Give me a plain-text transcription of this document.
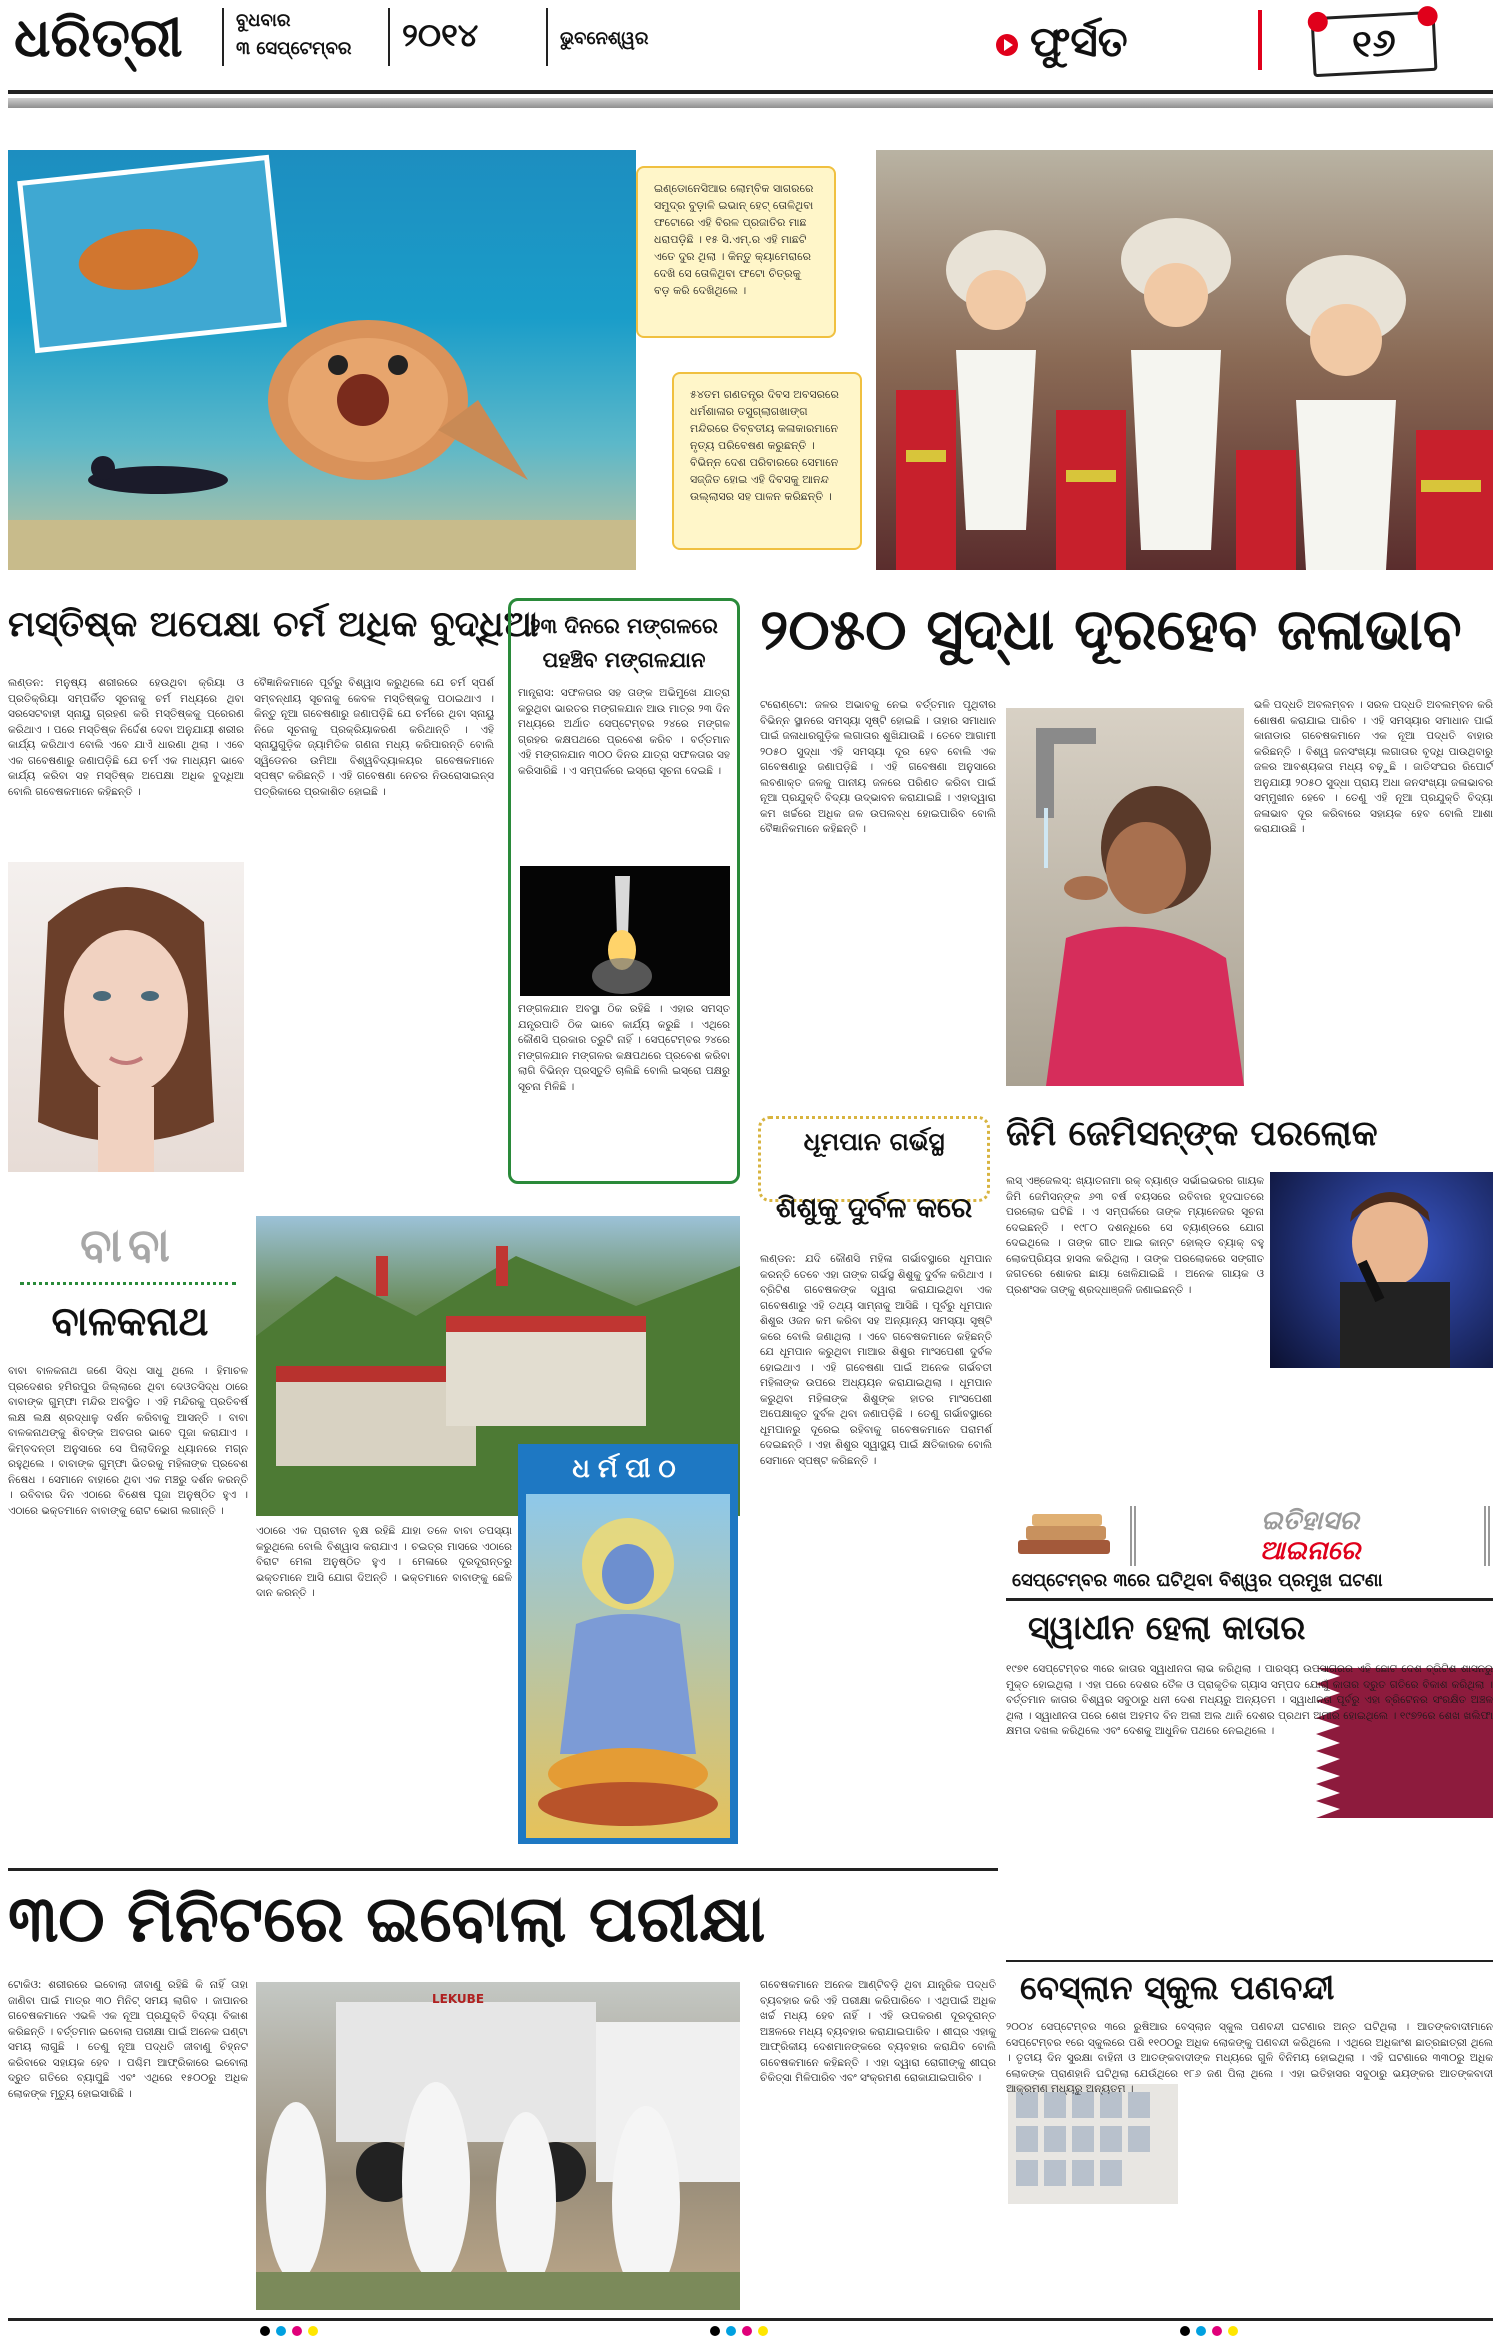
ଧରିତ୍ରୀ	ବୁଧବାର
୩ ସେପ୍ଟେମ୍ବର ୨୦୧୪	ଭୁବନେଶ୍ୱର	ଫୁର୍ସତ	୧୬
ଇଣ୍ଡୋନେସିଆର ଲୋମ୍ବିକ ସାଗରରେ ସମୁଦ୍ର ବୁଡ଼ାଳି ଇଭାନ୍ ହେଟ୍ ତୋଳିଥିବା ଫଟୋରେ ଏହି ବିରଳ ପ୍ରଜାତିର ମାଛ ଧରାପଡ଼ିଛି । ୧୫ ସି.ଏମ୍.ର ଏହି ମାଛଟି ଏତେ ଦୁର ଥିଲା । କିନ୍ତୁ କ୍ୟାମେରାରେ ଦେଖି ସେ ତୋଳିଥିବା ଫଟୋ ଚିତ୍ରକୁ ବଡ଼ କରି ଦେଖିଥିଲେ ।
୫୪ତମ ଗଣତନ୍ତ୍ର ଦିବସ ଅବସରରେ ଧର୍ମଶାଳାର ତସୁଗ୍ଲାଗଖାଙ୍ଗ ମନ୍ଦିରରେ ତିବ୍ବତୀୟ କଳାକାରମାନେ ନୃତ୍ୟ ପରିବେଷଣ କରୁଛନ୍ତି । ବିଭିନ୍ନ ଦେଶ ପରିବାରରେ ସେମାନେ ସଜ୍ଜିତ ହୋଇ ଏହି ଦିବସକୁ ଆନନ୍ଦ ଉଲ୍ଲାସର ସହ ପାଳନ କରିଛନ୍ତି ।
ମସ୍ତିଷ୍କ ଅପେକ୍ଷା ଚର୍ମ ଅଧିକ ବୁଦ୍ଧିଆ
ଲଣ୍ଡନ: ମନୁଷ୍ୟ ଶରୀରରେ ହେଉଥିବା କ୍ରିୟା ଓ ପ୍ରତିକ୍ରିୟା ସମ୍ପର୍କିତ ସୂଚନାକୁ ଚର୍ମ ମଧ୍ୟରେ ଥିବା ସରସେଟବାହୀ ସ୍ନାୟୁ ଗ୍ରହଣ କରି ମସ୍ତିଷ୍କକୁ ପ୍ରେରଣ କରିଥାଏ । ପରେ ମସ୍ତିଷ୍କ ନିର୍ଦ୍ଦେଶ ଦେବା ଅନୁଯାୟୀ ଶରୀର କାର୍ଯ୍ୟ କରିଥାଏ ବୋଲି ଏବେ ଯାଏଁ ଧାରଣା ଥିଲା । ଏବେ ଏକ ଗବେଷଣାରୁ ଜଣାପଡ଼ିଛି ଯେ ଚର୍ମ ଏକ ମାଧ୍ୟମ ଭାବେ କାର୍ଯ୍ୟ କରିବା ସହ ମସ୍ତିଷ୍କ ଅପେକ୍ଷା ଅଧିକ ବୁଦ୍ଧିଆ ବୋଲି ଗବେଷକମାନେ କହିଛନ୍ତି ।
ବୈଜ୍ଞାନିକମାନେ ପୂର୍ବରୁ ବିଶ୍ୱାସ କରୁଥିଲେ ଯେ ଚର୍ମ ସ୍ପର୍ଶ ସମ୍ବନ୍ଧୀୟ ସୂଚନାକୁ କେବଳ ମସ୍ତିଷ୍କକୁ ପଠାଇଥାଏ । କିନ୍ତୁ ନୂଆ ଗବେଷଣାରୁ ଜଣାପଡ଼ିଛି ଯେ ଚର୍ମରେ ଥିବା ସ୍ନାୟୁ ନିଜେ ସୂଚନାକୁ ପ୍ରକ୍ରିୟାକରଣ କରିଥାନ୍ତି । ଏହି ସ୍ନାୟୁଗୁଡ଼ିକ ଜ୍ୟାମିତିକ ଗଣନା ମଧ୍ୟ କରିପାରନ୍ତି ବୋଲି ସ୍ୱିଡେନର ଉମିଆ ବିଶ୍ୱବିଦ୍ୟାଳୟର ଗବେଷକମାନେ ସ୍ପଷ୍ଟ କରିଛନ୍ତି । ଏହି ଗବେଷଣା ନେଚର ନିଉରୋସାଇନ୍ସ ପତ୍ରିକାରେ ପ୍ରକାଶିତ ହୋଇଛି ।
୨୩ ଦିନରେ ମଙ୍ଗଳରେ
ପହଞ୍ଚିବ ମଙ୍ଗଳଯାନ
ମାନ୍ତ୍ରାସ: ସଫଳତାର ସହ ତାଙ୍କ ଅଭିମୁଖେ ଯାତ୍ରା କରୁଥିବା ଭାରତର ମଙ୍ଗଳଯାନ ଆଉ ମାତ୍ର ୨୩ ଦିନ ମଧ୍ୟରେ ଅର୍ଥାତ ସେପ୍ଟେମ୍ବର ୨୪ରେ ମଙ୍ଗଳ ଗ୍ରହର କକ୍ଷପଥରେ ପ୍ରବେଶ କରିବ । ବର୍ତ୍ତମାନ ଏହି ମଙ୍ଗଳଯାନ ୩୦୦ ଦିନର ଯାତ୍ରା ସଫଳତାର ସହ କରିସାରିଛି । ଏ ସମ୍ପର୍କରେ ଇସ୍ରୋ ସୂଚନା ଦେଇଛି ।
ମଙ୍ଗଳଯାନ ଅବସ୍ଥା ଠିକ ରହିଛି । ଏହାର ସମସ୍ତ ଯନ୍ତ୍ରପାତି ଠିକ ଭାବେ କାର୍ଯ୍ୟ କରୁଛି । ଏଥିରେ କୌଣସି ପ୍ରକାର ତ୍ରୁଟି ନାହିଁ । ସେପ୍ଟେମ୍ବର ୨୪ରେ ମଙ୍ଗଳଯାନ ମଙ୍ଗଳର କକ୍ଷପଥରେ ପ୍ରବେଶ କରିବା ଲାଗି ବିଭିନ୍ନ ପ୍ରସ୍ତୁତି ଚାଲିଛି ବୋଲି ଇସ୍ରୋ ପକ୍ଷରୁ ସୂଚନା ମିଳିଛି ।
୨୦୫୦ ସୁଦ୍ଧା ଦୂରହେବ ଜଳାଭାବ
ଟରୋଣ୍ଟୋ: ଜଳର ଅଭାବକୁ ନେଇ ବର୍ତ୍ତମାନ ପୃଥିବୀର ବିଭିନ୍ନ ସ୍ଥାନରେ ସମସ୍ୟା ସୃଷ୍ଟି ହୋଇଛି । ତାହାର ସମାଧାନ ପାଇଁ ଜଳାଧାରଗୁଡ଼ିକ ଲଗାତାର ଶୁଖିଯାଉଛି । ତେବେ ଆଗାମୀ ୨୦୫୦ ସୁଦ୍ଧା ଏହି ସମସ୍ୟା ଦୂର ହେବ ବୋଲି ଏକ ଗବେଷଣାରୁ ଜଣାପଡ଼ିଛି । ଏହି ଗବେଷଣା ଅନୁସାରେ ଲବଣାକ୍ତ ଜଳକୁ ପାନୀୟ ଜଳରେ ପରିଣତ କରିବା ପାଇଁ ନୂଆ ପ୍ରଯୁକ୍ତି ବିଦ୍ୟା ଉଦ୍ଭାବନ କରାଯାଇଛି । ଏହାଦ୍ୱାରା କମ ଖର୍ଚ୍ଚରେ ଅଧିକ ଜଳ ଉପଲବ୍ଧ ହୋଇପାରିବ ବୋଲି ବୈଜ୍ଞାନିକମାନେ କହିଛନ୍ତି ।
ଭଳି ପଦ୍ଧତି ଅବଲମ୍ବନ । ସରଳ ପଦ୍ଧତି ଅବଲମ୍ବନ କରି ଶୋଷଣ କରାଯାଇ ପାରିବ । ଏହି ସମସ୍ୟାର ସମାଧାନ ପାଇଁ କାନାଡାର ଗବେଷକମାନେ ଏକ ନୂଆ ପଦ୍ଧତି ବାହାର କରିଛନ୍ତି । ବିଶ୍ୱ ଜନସଂଖ୍ୟା ଲଗାତାର ବୃଦ୍ଧି ପାଉଥିବାରୁ ଜଳର ଆବଶ୍ୟକତା ମଧ୍ୟ ବଢ଼ୁଛି । ଜାତିସଂଘର ରିପୋର୍ଟ ଅନୁଯାୟୀ ୨୦୫୦ ସୁଦ୍ଧା ପ୍ରାୟ ଅଧା ଜନସଂଖ୍ୟା ଜଳାଭାବର ସମ୍ମୁଖୀନ ହେବେ । ତେଣୁ ଏହି ନୂଆ ପ୍ରଯୁକ୍ତି ବିଦ୍ୟା ଜଳାଭାବ ଦୂର କରିବାରେ ସହାୟକ ହେବ ବୋଲି ଆଶା କରାଯାଉଛି ।
ଜିମି ଜେମିସନ୍ଙ୍କ ପରଲୋକ
ଲସ୍ ଏଞ୍ଜେଲସ୍: ଖ୍ୟାତନାମା ରକ୍ ବ୍ୟାଣ୍ଡ ସର୍ଭାଇଭରର ଗାୟକ ଜିମି ଜେମିସନ୍ଙ୍କ ୬୩ ବର୍ଷ ବୟସରେ ରବିବାର ହୃଦଘାତରେ ପରଲୋକ ଘଟିଛି । ଏ ସମ୍ପର୍କରେ ତାଙ୍କ ମ୍ୟାନେଜର ସୂଚନା ଦେଇଛନ୍ତି । ୧୯୮୦ ଦଶନ୍ଧିରେ ସେ ବ୍ୟାଣ୍ଡରେ ଯୋଗ ଦେଇଥିଲେ । ତାଙ୍କ ଗୀତ ଆଇ କାନ୍ଟ ହୋଲ୍ଡ ବ୍ୟାକ୍ ବହୁ ଲୋକପ୍ରିୟତା ହାସଲ କରିଥିଲା । ତାଙ୍କ ପରଲୋକରେ ସଙ୍ଗୀତ ଜଗତରେ ଶୋକର ଛାୟା ଖେଳିଯାଇଛି । ଅନେକ ଗାୟକ ଓ ପ୍ରଶଂସକ ତାଙ୍କୁ ଶ୍ରଦ୍ଧାଞ୍ଜଳି ଜଣାଇଛନ୍ତି ।
ଧୂମପାନ ଗର୍ଭସ୍ଥ
ଶିଶୁକୁ ଦୁର୍ବଳ କରେ
ଲଣ୍ଡନ: ଯଦି କୌଣସି ମହିଳା ଗର୍ଭାବସ୍ଥାରେ ଧୂମପାନ କରନ୍ତି ତେବେ ଏହା ତାଙ୍କ ଗର୍ଭସ୍ଥ ଶିଶୁକୁ ଦୁର୍ବଳ କରିଥାଏ । ବ୍ରିଟିଶ ଗବେଷକଙ୍କ ଦ୍ୱାରା କରାଯାଇଥିବା ଏକ ଗବେଷଣାରୁ ଏହି ତଥ୍ୟ ସାମ୍ନାକୁ ଆସିଛି । ପୂର୍ବରୁ ଧୂମପାନ ଶିଶୁର ଓଜନ କମ କରିବା ସହ ଅନ୍ୟାନ୍ୟ ସମସ୍ୟା ସୃଷ୍ଟି କରେ ବୋଲି ଜଣାଥିଲା । ଏବେ ଗବେଷକମାନେ କହିଛନ୍ତି ଯେ ଧୂମପାନ କରୁଥିବା ମାଆର ଶିଶୁର ମାଂସପେଶୀ ଦୁର୍ବଳ ହୋଇଥାଏ । ଏହି ଗବେଷଣା ପାଇଁ ଅନେକ ଗର୍ଭବତୀ ମହିଳାଙ୍କ ଉପରେ ଅଧ୍ୟୟନ କରାଯାଇଥିଲା । ଧୂମପାନ କରୁଥିବା ମହିଳାଙ୍କ ଶିଶୁଙ୍କ ହାତର ମାଂସପେଶୀ ଅପେକ୍ଷାକୃତ ଦୁର୍ବଳ ଥିବା ଜଣାପଡ଼ିଛି । ତେଣୁ ଗର୍ଭାବସ୍ଥାରେ ଧୂମପାନରୁ ଦୂରେଇ ରହିବାକୁ ଗବେଷକମାନେ ପରାମର୍ଶ ଦେଇଛନ୍ତି । ଏହା ଶିଶୁର ସ୍ୱାସ୍ଥ୍ୟ ପାଇଁ କ୍ଷତିକାରକ ବୋଲି ସେମାନେ ସ୍ପଷ୍ଟ କରିଛନ୍ତି ।
ବାବା
ବାଳକନାଥ
ବାବା ବାଳକନାଥ ଜଣେ ସିଦ୍ଧ ସାଧୁ ଥିଲେ । ହିମାଚଳ ପ୍ରଦେଶର ହମିରପୁର ଜିଲ୍ଲାରେ ଥିବା ଦେଓତସିଦ୍ଧ ଠାରେ ବାବାଙ୍କ ଗୁମ୍ଫା ମନ୍ଦିର ଅବସ୍ଥିତ । ଏହି ମନ୍ଦିରକୁ ପ୍ରତିବର୍ଷ ଲକ୍ଷ ଲକ୍ଷ ଶ୍ରଦ୍ଧାଳୁ ଦର୍ଶନ କରିବାକୁ ଆସନ୍ତି । ବାବା ବାଳକନାଥଙ୍କୁ ଶିବଙ୍କ ଅବତାର ଭାବେ ପୂଜା କରାଯାଏ । କିମ୍ବଦନ୍ତୀ ଅନୁସାରେ ସେ ପିଲାଦିନରୁ ଧ୍ୟାନରେ ମଗ୍ନ ରହୁଥିଲେ । ବାବାଙ୍କ ଗୁମ୍ଫା ଭିତରକୁ ମହିଳାଙ୍କ ପ୍ରବେଶ ନିଷେଧ । ସେମାନେ ବାହାରେ ଥିବା ଏକ ମଞ୍ଚରୁ ଦର୍ଶନ କରନ୍ତି । ରବିବାର ଦିନ ଏଠାରେ ବିଶେଷ ପୂଜା ଅନୁଷ୍ଠିତ ହୁଏ । ଏଠାରେ ଭକ୍ତମାନେ ବାବାଙ୍କୁ ରୋଟ ଭୋଗ ଲଗାନ୍ତି ।
ଧର୍ମପୀଠ
ଏଠାରେ ଏକ ପ୍ରାଚୀନ ବୃକ୍ଷ ରହିଛି ଯାହା ତଳେ ବାବା ତପସ୍ୟା କରୁଥିଲେ ବୋଲି ବିଶ୍ୱାସ କରାଯାଏ । ଚଇତ୍ର ମାସରେ ଏଠାରେ ବିରାଟ ମେଳା ଅନୁଷ୍ଠିତ ହୁଏ । ମେଳାରେ ଦୂରଦୂରାନ୍ତରୁ ଭକ୍ତମାନେ ଆସି ଯୋଗ ଦିଅନ୍ତି । ଭକ୍ତମାନେ ବାବାଙ୍କୁ ଛେଳି ଦାନ କରନ୍ତି ।
ଇତିହାସର
ଆଇନାରେ
ସେପ୍ଟେମ୍ବର ୩ରେ ଘଟିଥିବା ବିଶ୍ୱର ପ୍ରମୁଖ ଘଟଣା
ସ୍ୱାଧୀନ ହେଲା କାତାର
୧୯୭୧ ସେପ୍ଟେମ୍ବର ୩ରେ କାତାର ସ୍ୱାଧୀନତା ଲାଭ କରିଥିଲା । ପାରସ୍ୟ ଉପସାଗରର ଏହି ଛୋଟ ଦେଶ ବ୍ରିଟିଶ ଶାସନରୁ ମୁକ୍ତ ହୋଇଥିଲା । ଏହା ପରେ ଦେଶର ତୈଳ ଓ ପ୍ରାକୃତିକ ଗ୍ୟାସ ସମ୍ପଦ ଯୋଗୁଁ କାତାର ଦ୍ରୁତ ଗତିରେ ବିକାଶ କରିଥିଲା । ବର୍ତ୍ତମାନ କାତାର ବିଶ୍ୱର ସବୁଠାରୁ ଧନୀ ଦେଶ ମଧ୍ୟରୁ ଅନ୍ୟତମ । ସ୍ୱାଧୀନତା ପୂର୍ବରୁ ଏହା ବ୍ରିଟେନର ସଂରକ୍ଷିତ ଅଞ୍ଚଳ ଥିଲା । ସ୍ୱାଧୀନତା ପରେ ଶେଖ ଅହମଦ ବିନ ଅଲୀ ଅଲ ଥାନି ଦେଶର ପ୍ରଥମ ଅମୀର ହୋଇଥିଲେ । ୧୯୭୨ରେ ଶେଖ ଖଲିଫା କ୍ଷମତା ଦଖଲ କରିଥିଲେ ଏବଂ ଦେଶକୁ ଆଧୁନିକ ପଥରେ ନେଇଥିଲେ ।
ବେସ୍ଲାନ ସ୍କୁଲ ପଣବନ୍ଦୀ
୨୦୦୪ ସେପ୍ଟେମ୍ବର ୩ରେ ରୁଷିଆର ବେସ୍ଲାନ ସ୍କୁଲ ପଣବନ୍ଦୀ ଘଟଣାର ଅନ୍ତ ଘଟିଥିଲା । ଆତଙ୍କବାଦୀମାନେ ସେପ୍ଟେମ୍ବର ୧ରେ ସ୍କୁଲରେ ପଶି ୧୧୦୦ରୁ ଅଧିକ ଲୋକଙ୍କୁ ପଣବନ୍ଦୀ କରିଥିଲେ । ଏଥିରେ ଅଧିକାଂଶ ଛାତ୍ରଛାତ୍ରୀ ଥିଲେ । ତୃତୀୟ ଦିନ ସୁରକ୍ଷା ବାହିନୀ ଓ ଆତଙ୍କବାଦୀଙ୍କ ମଧ୍ୟରେ ଗୁଳି ବିନିମୟ ହୋଇଥିଲା । ଏହି ଘଟଣାରେ ୩୩୦ରୁ ଅଧିକ ଲୋକଙ୍କ ପ୍ରାଣହାନି ଘଟିଥିଲା ଯେଉଁଥିରେ ୧୮୬ ଜଣ ପିଲା ଥିଲେ । ଏହା ଇତିହାସର ସବୁଠାରୁ ଭୟଙ୍କର ଆତଙ୍କବାଦୀ ଆକ୍ରମଣ ମଧ୍ୟରୁ ଅନ୍ୟତମ ।
୩୦ ମିନିଟରେ ଇବୋଲା ପରୀକ୍ଷା
ଟୋକିଓ: ଶରୀରରେ ଇବୋଲା ଜୀବାଣୁ ରହିଛି କି ନାହିଁ ତାହା ଜାଣିବା ପାଇଁ ମାତ୍ର ୩୦ ମିନିଟ୍ ସମୟ ଲାଗିବ । ଜାପାନର ଗବେଷକମାନେ ଏଭଳି ଏକ ନୂଆ ପ୍ରଯୁକ୍ତି ବିଦ୍ୟା ବିକାଶ କରିଛନ୍ତି । ବର୍ତ୍ତମାନ ଇବୋଲା ପରୀକ୍ଷା ପାଇଁ ଅନେକ ଘଣ୍ଟା ସମୟ ଲାଗୁଛି । ତେଣୁ ନୂଆ ପଦ୍ଧତି ଜୀବାଣୁ ଚିହ୍ନଟ କରିବାରେ ସହାୟକ ହେବ । ପଶ୍ଚିମ ଆଫ୍ରିକାରେ ଇବୋଲା ଦ୍ରୁତ ଗତିରେ ବ୍ୟାପୁଛି ଏବଂ ଏଥିରେ ୧୫୦୦ରୁ ଅଧିକ ଲୋକଙ୍କ ମୃତ୍ୟୁ ହୋଇସାରିଛି ।
LEKUBE
ଗବେଷକମାନେ ଅନେକ ଆଣ୍ଟିବଡ଼ି ଥିବା ଯାନ୍ତ୍ରିକ ପଦ୍ଧତି ବ୍ୟବହାର କରି ଏହି ପରୀକ୍ଷା କରିପାରିବେ । ଏଥିପାଇଁ ଅଧିକ ଖର୍ଚ୍ଚ ମଧ୍ୟ ହେବ ନାହିଁ । ଏହି ଉପକରଣ ଦୂରଦୂରାନ୍ତ ଅଞ୍ଚଳରେ ମଧ୍ୟ ବ୍ୟବହାର କରାଯାଇପାରିବ । ଶୀଘ୍ର ଏହାକୁ ଆଫ୍ରିକୀୟ ଦେଶମାନଙ୍କରେ ବ୍ୟବହାର କରାଯିବ ବୋଲି ଗବେଷକମାନେ କହିଛନ୍ତି । ଏହା ଦ୍ୱାରା ରୋଗୀଙ୍କୁ ଶୀଘ୍ର ଚିକିତ୍ସା ମିଳିପାରିବ ଏବଂ ସଂକ୍ରମଣ ରୋକାଯାଇପାରିବ ।
